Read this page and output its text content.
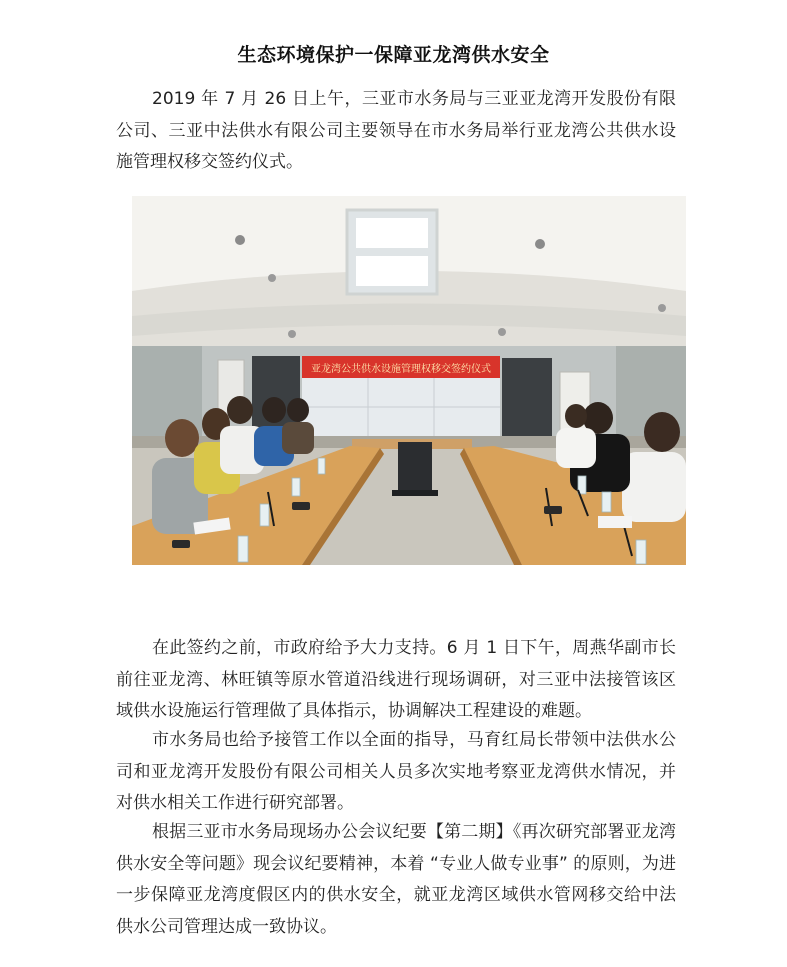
生态环境保护一保障亚龙湾供水安全
2019 年 7 月 26 日上午，三亚市水务局与三亚亚龙湾开发股份有限公司、三亚中法供水有限公司主要领导在市水务局举行亚龙湾公共供水设施管理权移交签约仪式。
亚龙湾公共供水设施管理权移交签约仪式
在此签约之前，市政府给予大力支持。6 月 1 日下午，周燕华副市长前往亚龙湾、林旺镇等原水管道沿线进行现场调研，对三亚中法接管该区域供水设施运行管理做了具体指示，协调解决工程建设的难题。
市水务局也给予接管工作以全面的指导，马育红局长带领中法供水公司和亚龙湾开发股份有限公司相关人员多次实地考察亚龙湾供水情况，并对供水相关工作进行研究部署。
根据三亚市水务局现场办公会议纪要【第二期】《再次研究部署亚龙湾供水安全等问题》现会议纪要精神，本着 “专业人做专业事” 的原则，为进一步保障亚龙湾度假区内的供水安全，就亚龙湾区域供水管网移交给中法供水公司管理达成一致协议。
